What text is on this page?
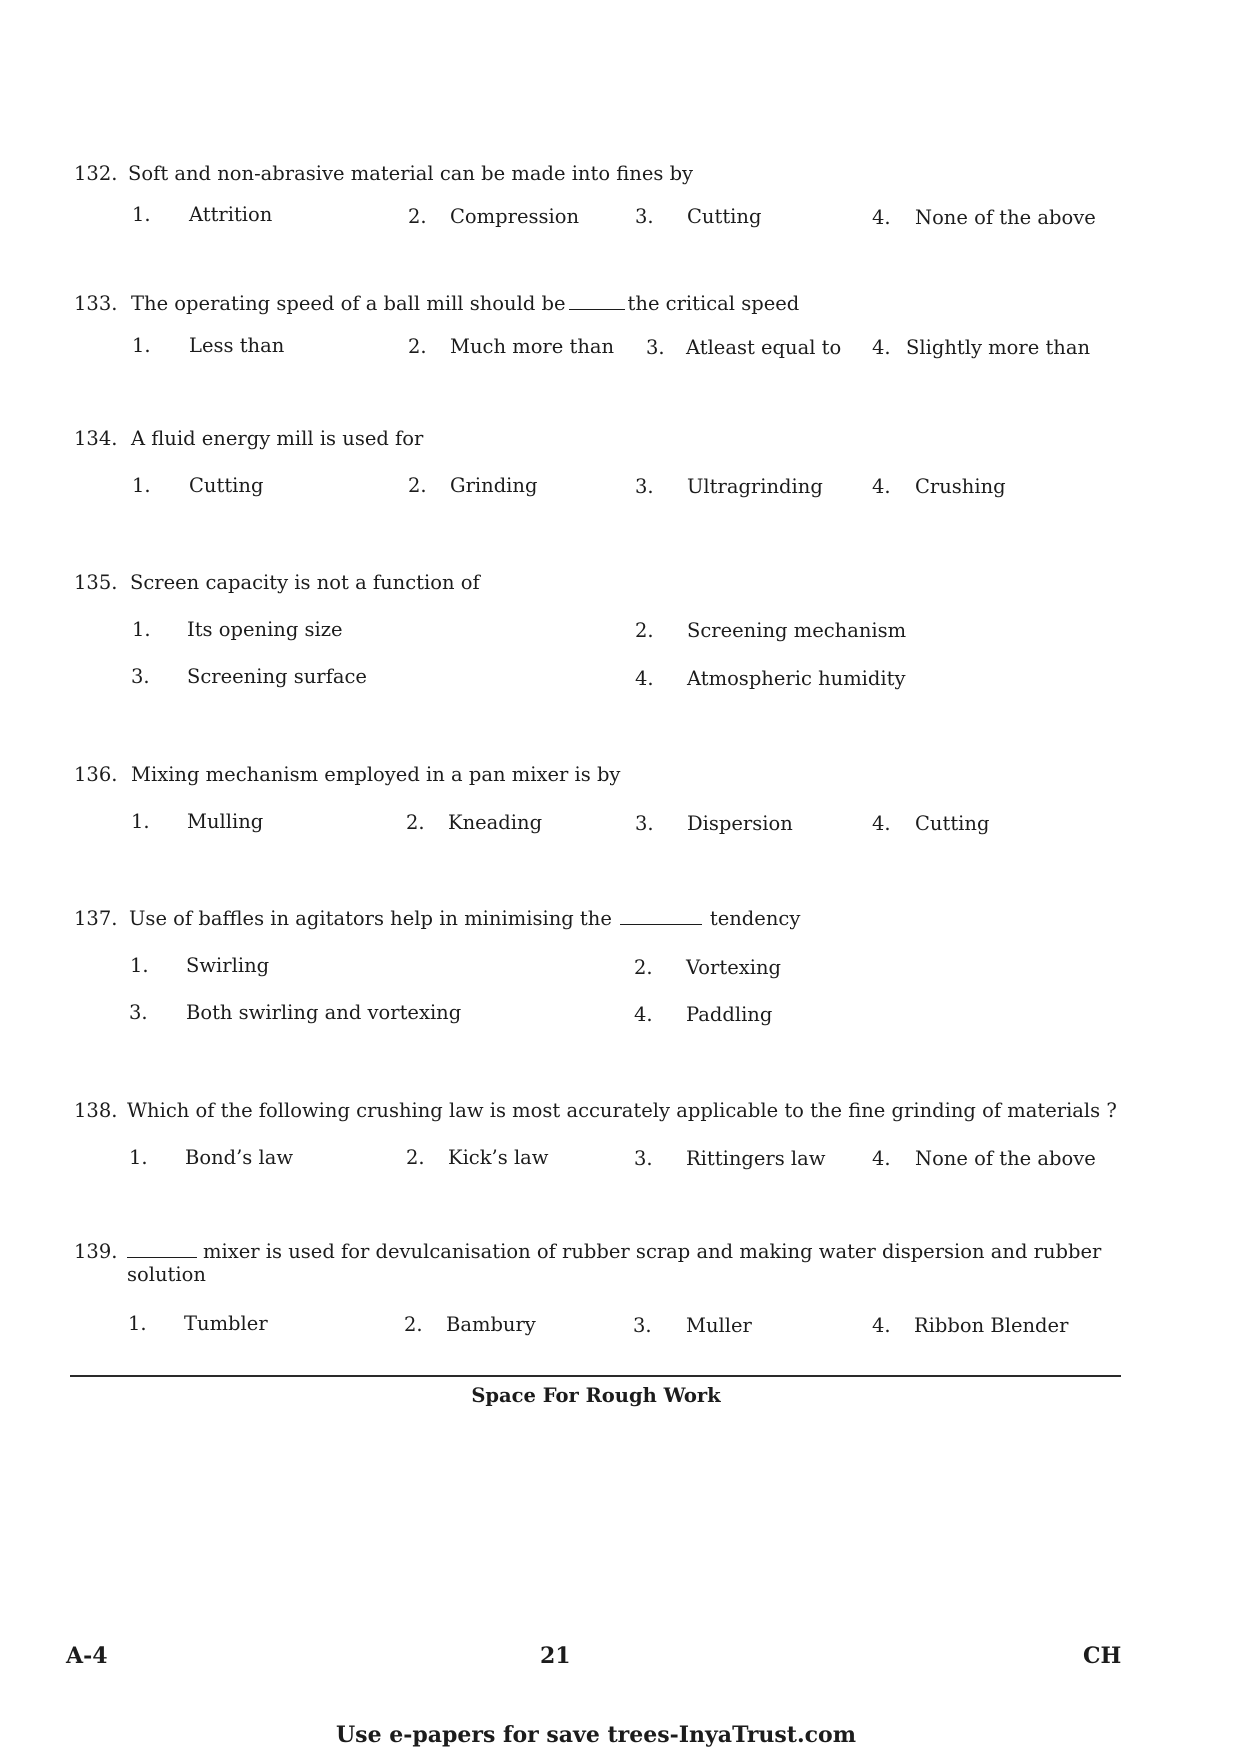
132. Soft and non-abrasive material can be made into fines by
1. Attrition	2. Compression	3. Cutting	4. None of the above
133. The operating speed of a ball mill should be	the critical speed
1. Less than	2. Much more than 3. Atleast equal to 4. Slightly more than
134. A fluid energy mill is used for
1. Cutting	2. Grinding	3. Ultragrinding	4. Crushing
135. Screen capacity is not a function of
1. Its opening size	2. Screening mechanism
3. Screening surface	4. Atmospheric humidity
136. Mixing mechanism employed in a pan mixer is by
1. Mulling	2. Kneading	3. Dispersion	4. Cutting
137. Use of baffles in agitators help in minimising the	tendency
1. Swirling	2. Vortexing
3. Both swirling and vortexing	4. Paddling
138. Which of the following crushing law is most accurately applicable to the fine grinding of materials ?
1. Bond’s law	2. Kick’s law	3. Rittingers law 4. None of the above
139.	mixer is used for devulcanisation of rubber scrap and making water dispersion and rubber solution
1. Tumbler	2. Bambury	3. Muller	4. Ribbon Blender
Space For Rough Work
A-4	21	CH
Use e-papers for save trees-InyaTrust.com
